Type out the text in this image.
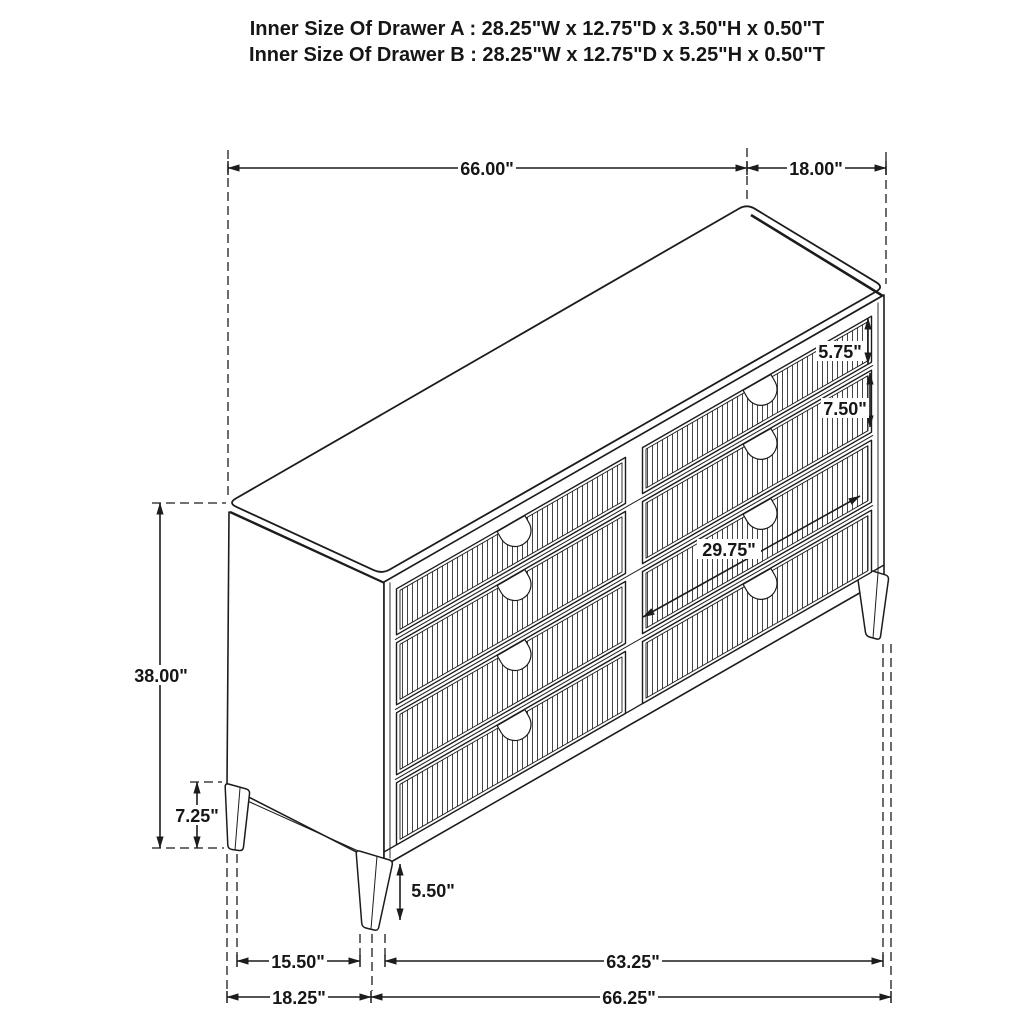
Inner Size Of Drawer A : 28.25"W x 12.75"D x 3.50"H x 0.50"T
Inner Size Of Drawer B : 28.25"W x 12.75"D x 5.25"H x 0.50"T
66.00"	18.00"
38.00"
7.25"
5.75"
7.50"
29.75"
5.50"
15.50"	63.25"
18.25"	66.25"
